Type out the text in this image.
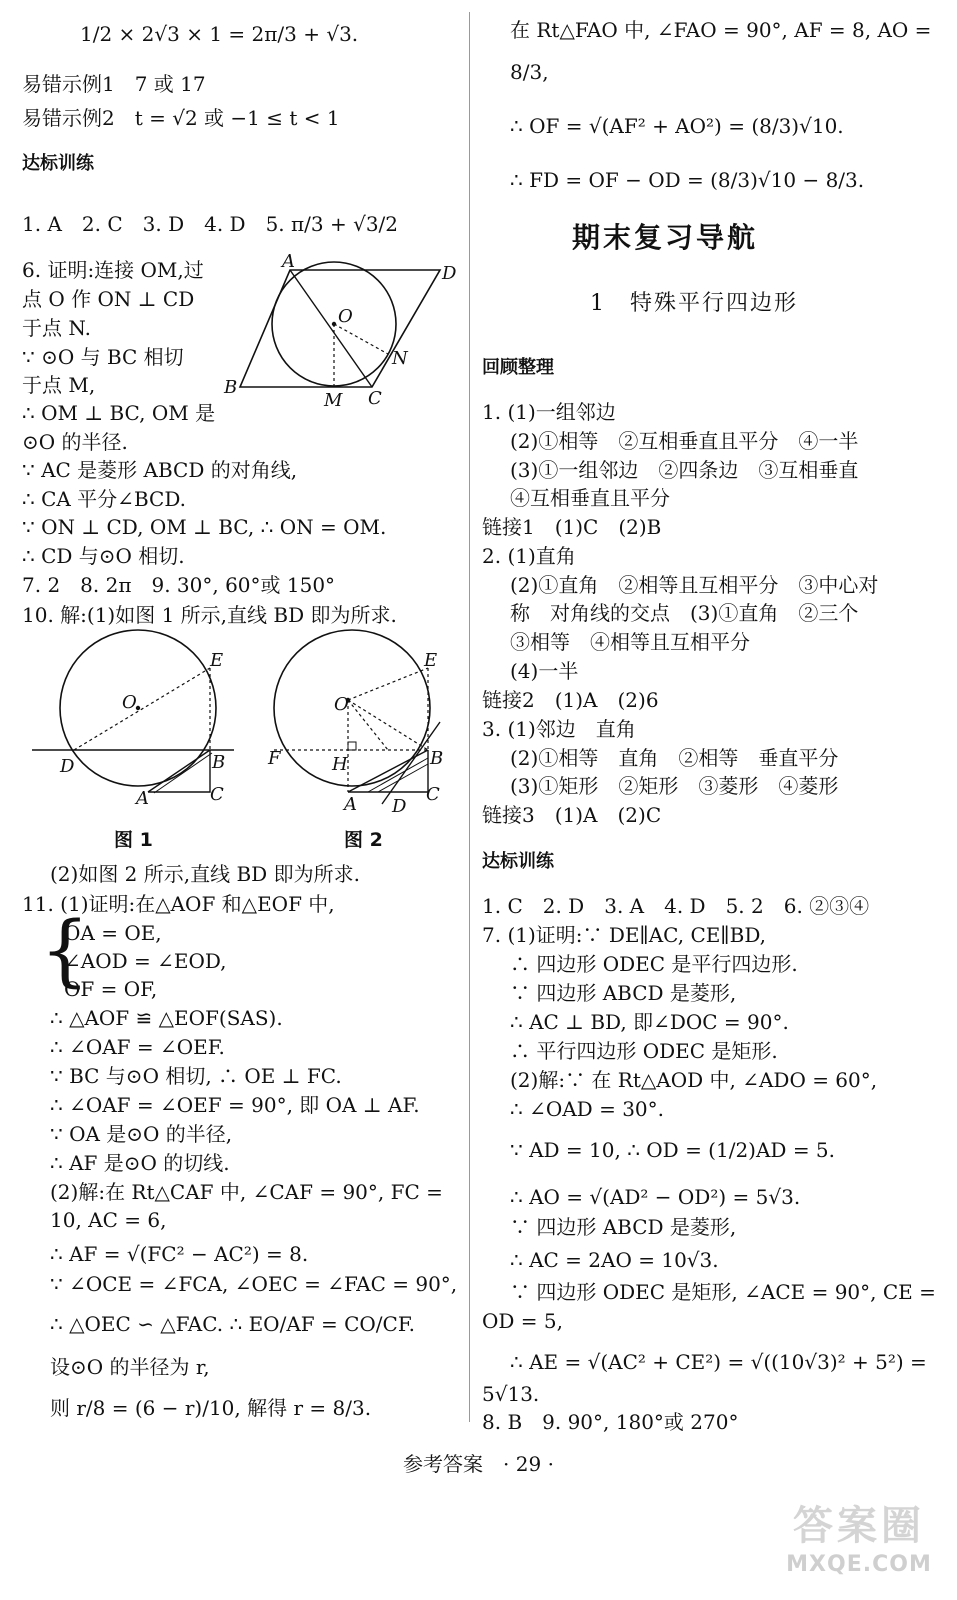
1/2 × 2√3 × 1 = 2π/3 + √3.
易错示例1　7 或 17
易错示例2　t = √2 或 −1 ≤ t < 1
达标训练
1. A　2. C　3. D　4. D　5. π/3 + √3/2
6. 证明:连接 OM,过
点 O 作 ON ⊥ CD
于点 N.
∵ ⊙O 与 BC 相切
于点 M,
∴ OM ⊥ BC, OM 是
⊙O 的半径.
∵ AC 是菱形 ABCD 的对角线,
∴ CA 平分∠BCD.
∵ ON ⊥ CD, OM ⊥ BC, ∴ ON = OM.
∴ CD 与⊙O 相切.
7. 2　8. 2π　9. 30°, 60°或 150°
10. 解:(1)如图 1 所示,直线 BD 即为所求.
图 1	图 2
(2)如图 2 所示,直线 BD 即为所求.
11. (1)证明:在△AOF 和△EOF 中,
{
OA = OE,
∠AOD = ∠EOD,
OF = OF,
∴ △AOF ≌ △EOF(SAS).
∴ ∠OAF = ∠OEF.
∵ BC 与⊙O 相切, ∴ OE ⊥ FC.
∴ ∠OAF = ∠OEF = 90°, 即 OA ⊥ AF.
∵ OA 是⊙O 的半径,
∴ AF 是⊙O 的切线.
(2)解:在 Rt△CAF 中, ∠CAF = 90°, FC =
10, AC = 6,
∴ AF = √(FC² − AC²) = 8.
∵ ∠OCE = ∠FCA, ∠OEC = ∠FAC = 90°,
∴ △OEC ∽ △FAC. ∴ EO/AF = CO/CF.
设⊙O 的半径为 r,
则 r/8 = (6 − r)/10, 解得 r = 8/3.
A
D
O
N
B
M C
O
E
D	B
A	C
O
E
F	H	B
A D
C
在 Rt△FAO 中, ∠FAO = 90°, AF = 8, AO =
8/3,
∴ OF = √(AF² + AO²) = (8/3)√10.
∴ FD = OF − OD = (8/3)√10 − 8/3.
期末复习导航
1　特殊平行四边形
回顾整理
1. (1)一组邻边
(2)①相等　②互相垂直且平分　④一半
(3)①一组邻边　②四条边　③互相垂直
④互相垂直且平分
链接1　(1)C　(2)B
2. (1)直角
(2)①直角　②相等且互相平分　③中心对
称　对角线的交点　(3)①直角　②三个
③相等　④相等且互相平分
(4)一半
链接2　(1)A　(2)6
3. (1)邻边　直角
(2)①相等　直角　②相等　垂直平分
(3)①矩形　②矩形　③菱形　④菱形
链接3　(1)A　(2)C
达标训练
1. C　2. D　3. A　4. D　5. 2　6. ②③④
7. (1)证明:∵ DE∥AC, CE∥BD,
∴ 四边形 ODEC 是平行四边形.
∵ 四边形 ABCD 是菱形,
∴ AC ⊥ BD, 即∠DOC = 90°.
∴ 平行四边形 ODEC 是矩形.
(2)解:∵ 在 Rt△AOD 中, ∠ADO = 60°,
∴ ∠OAD = 30°.
∵ AD = 10, ∴ OD = (1/2)AD = 5.
∴ AO = √(AD² − OD²) = 5√3.
∵ 四边形 ABCD 是菱形,
∴ AC = 2AO = 10√3.
∵ 四边形 ODEC 是矩形, ∠ACE = 90°, CE =
OD = 5,
∴ AE = √(AC² + CE²) = √((10√3)² + 5²) =
5√13.
8. B　9. 90°, 180°或 270°
参考答案　· 29 ·
答案圈
MXQE.COM
